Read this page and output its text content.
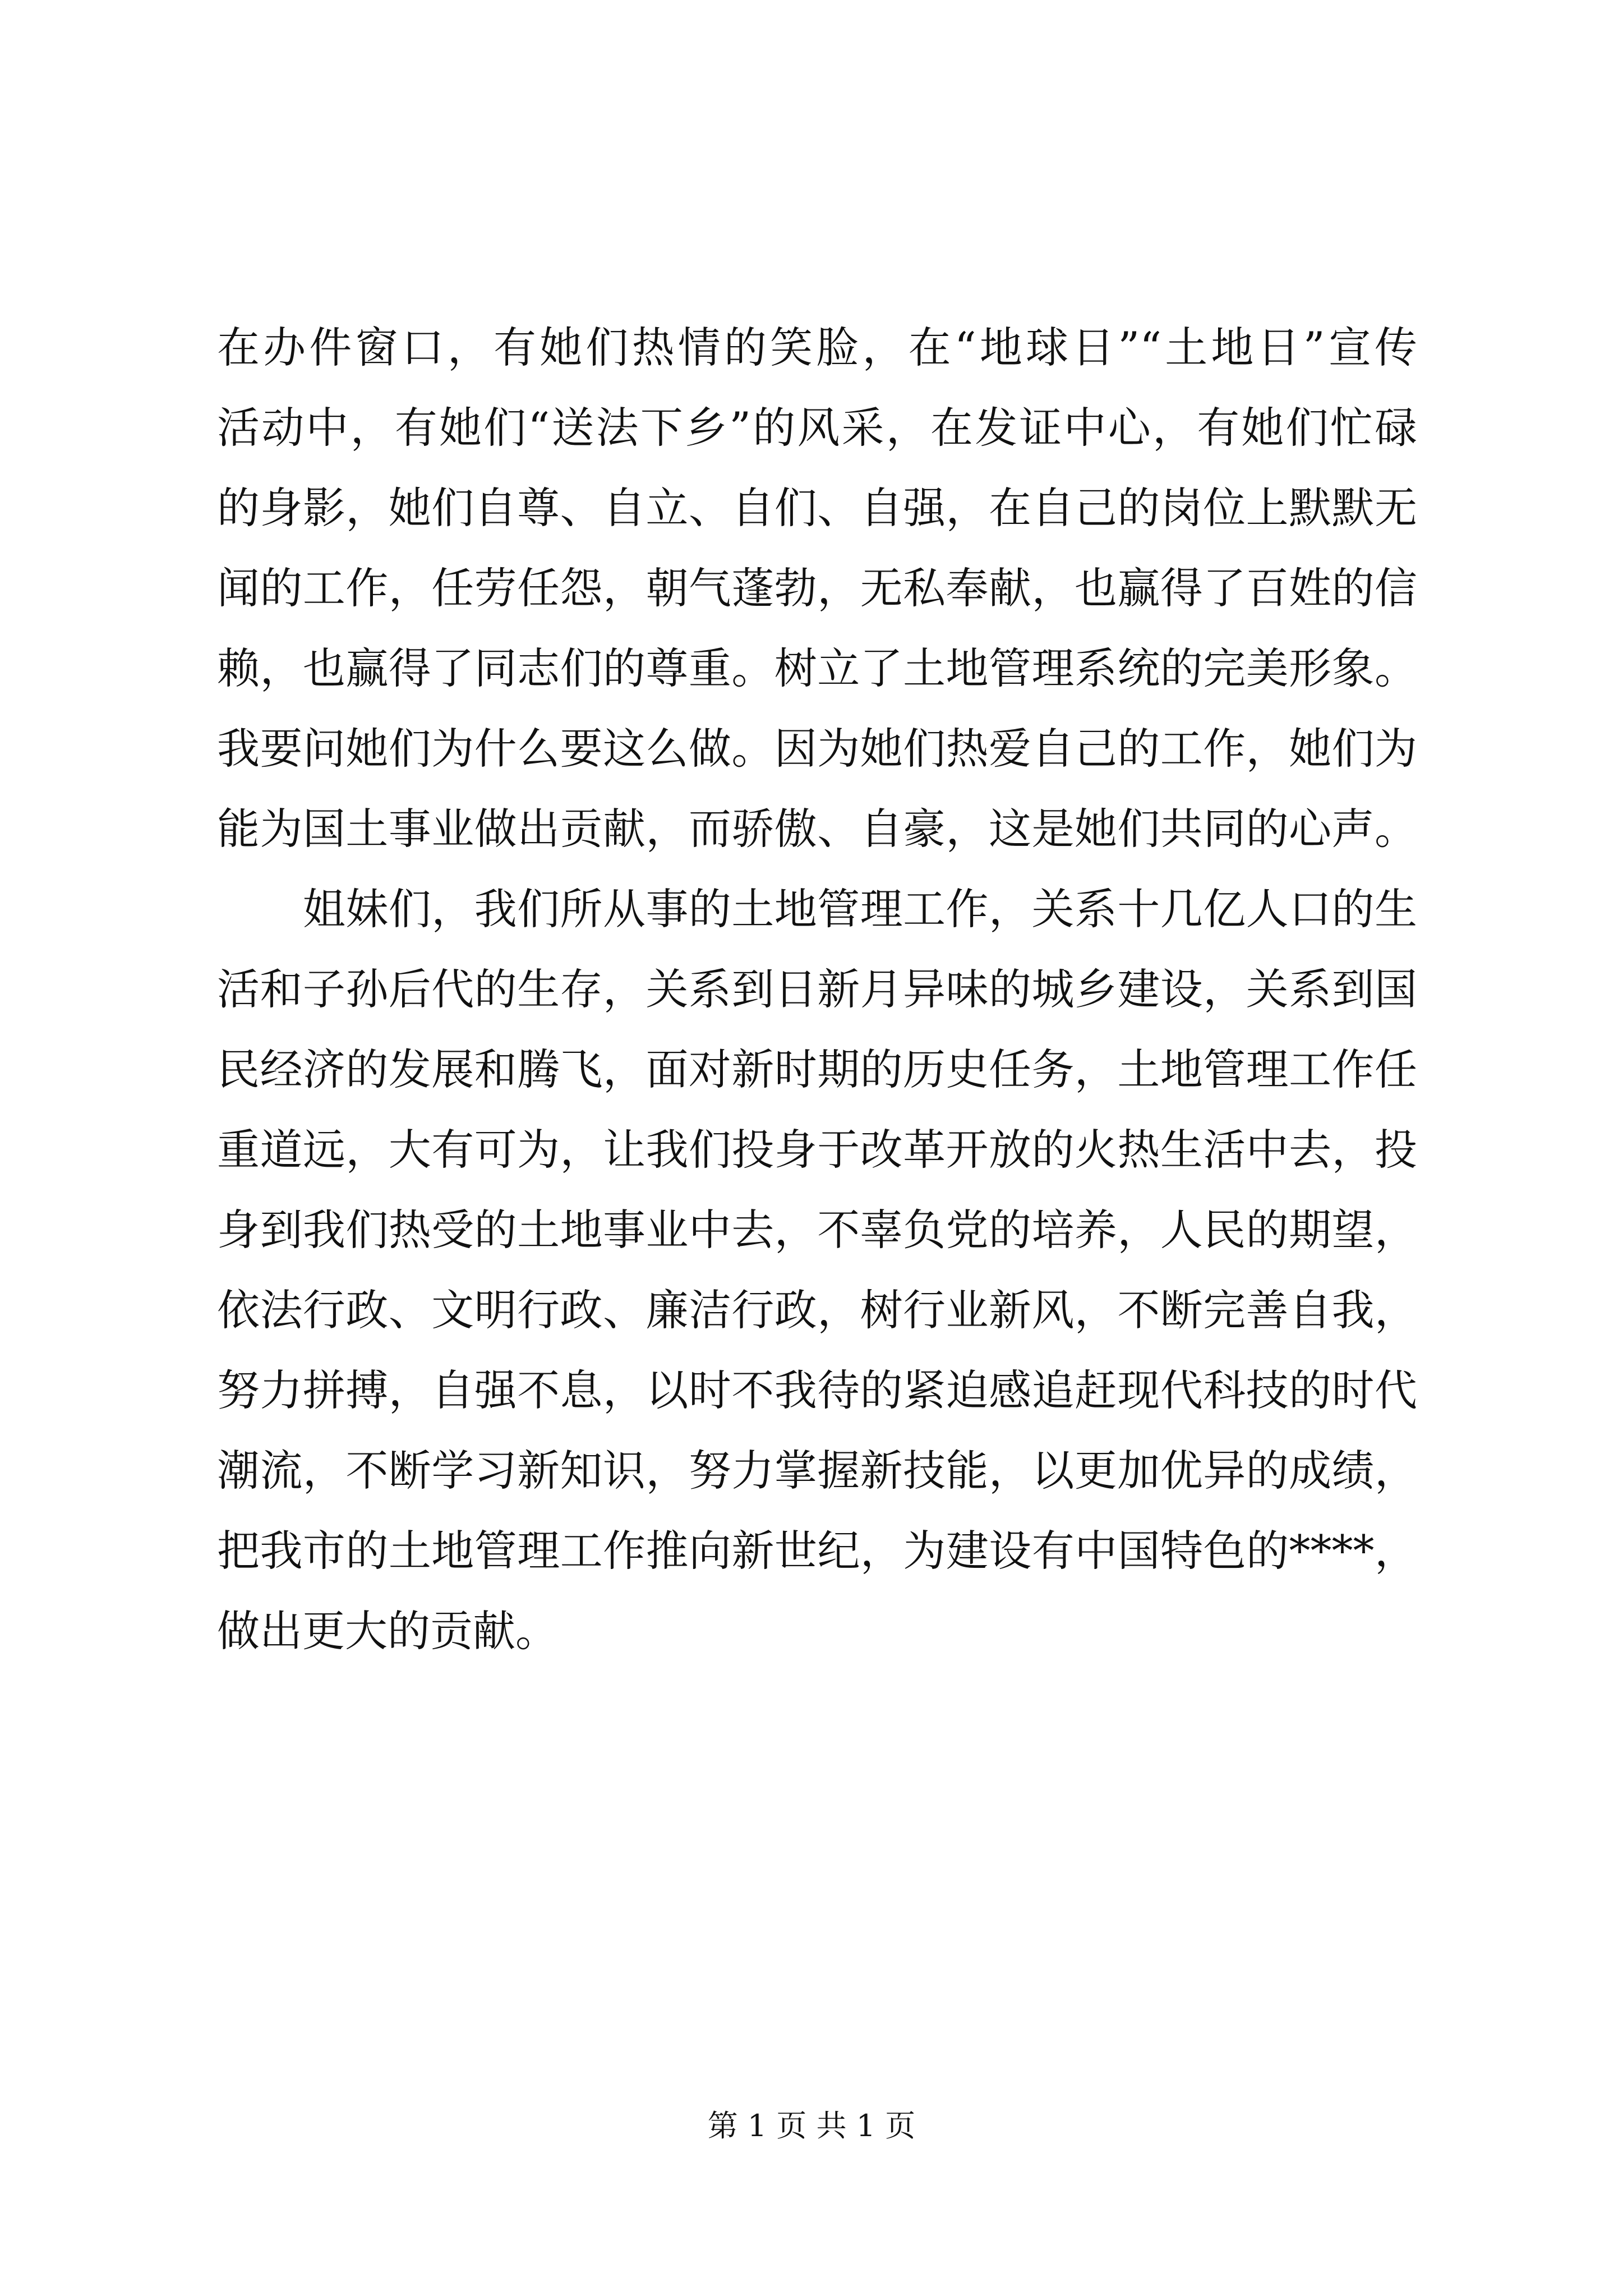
在办件窗口，有她们热情的笑脸，在“地球日”“土地日”宣传
活动中，有她们“送法下乡”的风采，在发证中心，有她们忙碌
的身影，她们自尊、自立、自们、自强，在自己的岗位上默默无
闻的工作，任劳任怨，朝气蓬勃，无私奉献，也赢得了百姓的信
赖，也赢得了同志们的尊重。树立了土地管理系统的完美形象。
我要问她们为什么要这么做。因为她们热爱自己的工作，她们为
能为国土事业做出贡献，而骄傲、自豪，这是她们共同的心声。
　　姐妹们，我们所从事的土地管理工作，关系十几亿人口的生
活和子孙后代的生存，关系到日新月异味的城乡建设，关系到国
民经济的发展和腾飞，面对新时期的历史任务，土地管理工作任
重道远，大有可为，让我们投身于改革开放的火热生活中去，投
身到我们热受的土地事业中去，不辜负党的培养，人民的期望，
依法行政、文明行政、廉洁行政，树行业新风，不断完善自我，
努力拼搏，自强不息，以时不我待的紧迫感追赶现代科技的时代
潮流，不断学习新知识，努力掌握新技能，以更加优异的成绩，
把我市的土地管理工作推向新世纪，为建设有中国特色的****，
做出更大的贡献。
第 1 页 共 1 页
